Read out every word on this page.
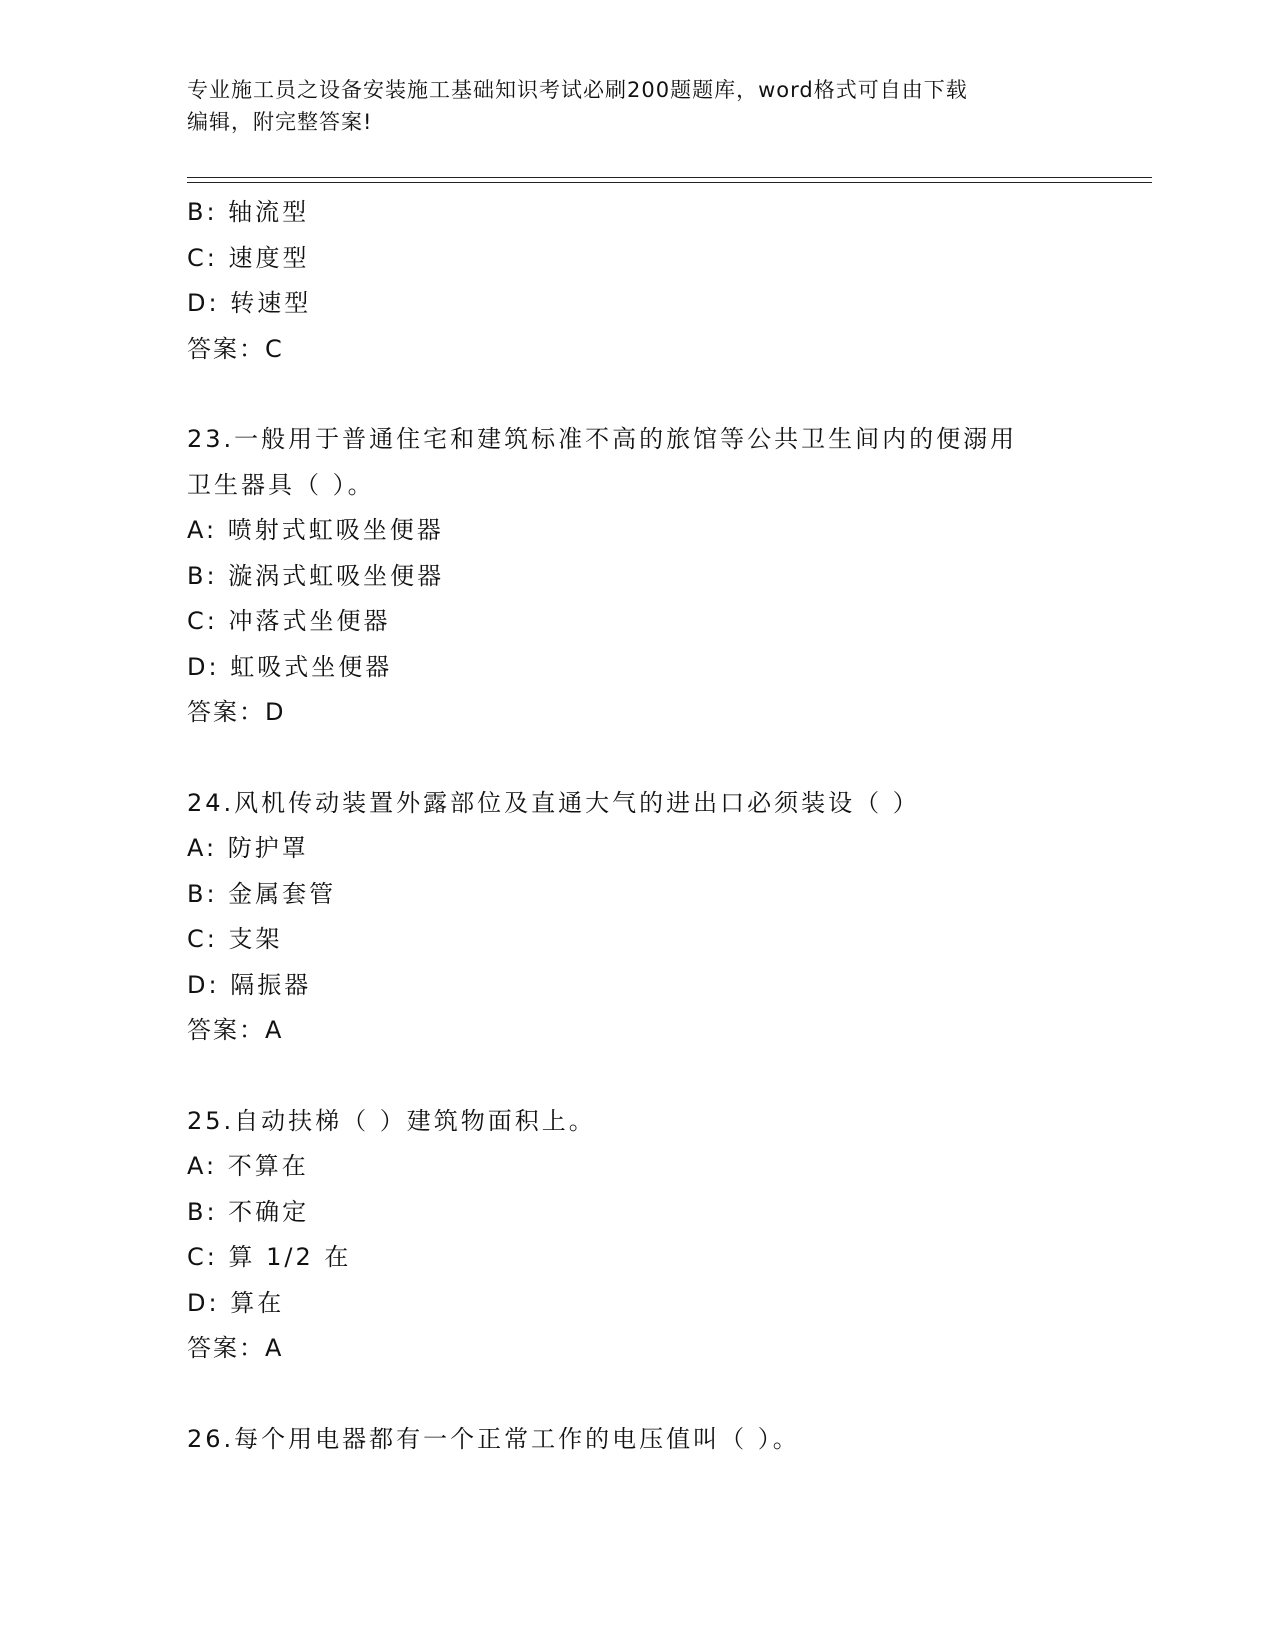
专业施工员之设备安装施工基础知识考试必刷200题题库，word格式可自由下载
编辑，附完整答案!
B: 轴流型
C: 速度型
D: 转速型
答案：C
23.一般用于普通住宅和建筑标准不高的旅馆等公共卫生间内的便溺用
卫生器具（ ）。
A: 喷射式虹吸坐便器
B: 漩涡式虹吸坐便器
C: 冲落式坐便器
D: 虹吸式坐便器
答案：D
24.风机传动装置外露部位及直通大气的进出口必须装设（ ）
A: 防护罩
B: 金属套管
C: 支架
D: 隔振器
答案：A
25.自动扶梯（ ）建筑物面积上。
A: 不算在
B: 不确定
C: 算 1/2 在
D: 算在
答案：A
26.每个用电器都有一个正常工作的电压值叫（ ）。
